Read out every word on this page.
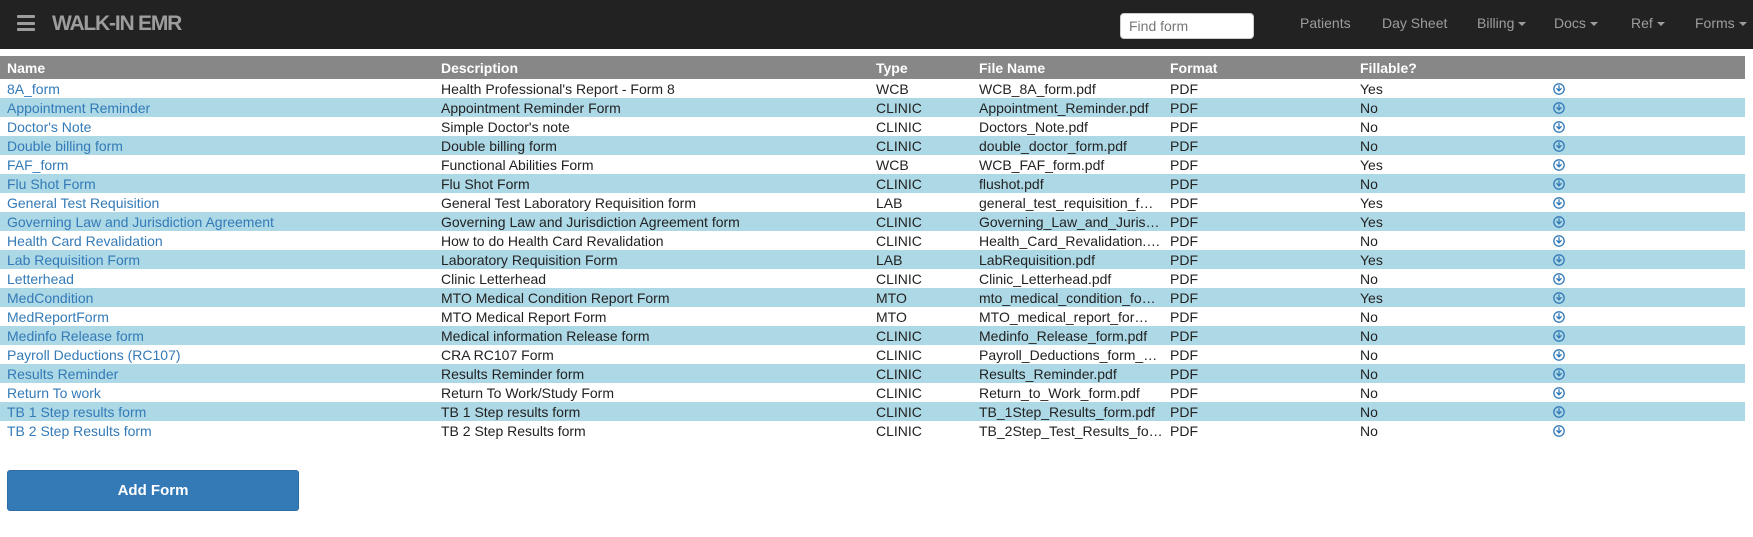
WALK-IN EMR
Find form	Patients Day Sheet Billing	Docs	Ref	Forms
Name	Description	Type	File Name	Format	Fillable?	
8A_form	Health Professional's Report - Form 8	WCB	WCB_8A_form.pdf	PDF	Yes	
Appointment Reminder	Appointment Reminder Form	CLINIC	Appointment_Reminder.pdf	PDF	No	
Doctor's Note	Simple Doctor's note	CLINIC	Doctors_Note.pdf	PDF	No	
Double billing form	Double billing form	CLINIC	double_doctor_form.pdf	PDF	No	
FAF_form	Functional Abilities Form	WCB	WCB_FAF_form.pdf	PDF	Yes	
Flu Shot Form	Flu Shot Form	CLINIC	flushot.pdf	PDF	No	
General Test Requisition	General Test Laboratory Requisition form	LAB	general_test_requisition_f…	PDF	Yes	
Governing Law and Jurisdiction Agreement	Governing Law and Jurisdiction Agreement form	CLINIC	Governing_Law_and_Juris…	PDF	Yes	
Health Card Revalidation	How to do Health Card Revalidation	CLINIC	Health_Card_Revalidation.…	PDF	No	
Lab Requisition Form	Laboratory Requisition Form	LAB	LabRequisition.pdf	PDF	Yes	
Letterhead	Clinic Letterhead	CLINIC	Clinic_Letterhead.pdf	PDF	No	
MedCondition	MTO Medical Condition Report Form	MTO	mto_medical_condition_fo…	PDF	Yes	
MedReportForm	MTO Medical Report Form	MTO	MTO_medical_report_for…	PDF	No	
Medinfo Release form	Medical information Release form	CLINIC	Medinfo_Release_form.pdf	PDF	No	
Payroll Deductions (RC107)	CRA RC107 Form	CLINIC	Payroll_Deductions_form_…	PDF	No	
Results Reminder	Results Reminder form	CLINIC	Results_Reminder.pdf	PDF	No	
Return To work	Return To Work/Study Form	CLINIC	Return_to_Work_form.pdf	PDF	No	
TB 1 Step results form	TB 1 Step results form	CLINIC	TB_1Step_Results_form.pdf	PDF	No	
TB 2 Step Results form	TB 2 Step Results form	CLINIC	TB_2Step_Test_Results_fo…	PDF	No	
Add Form
